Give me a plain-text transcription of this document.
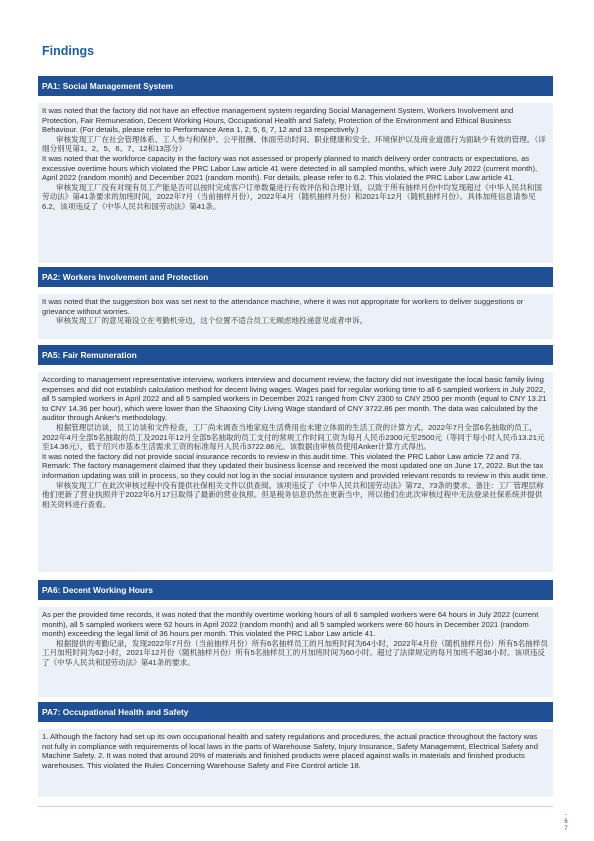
Findings
PA1: Social Management System

It was noted that the factory did not have an effective management system regarding Social Management System, Workers Involvement and Protection, Fair Remuneration, Decent Working Hours, Occupational Health and Safety, Protection of the Environment and Ethical Business Behaviour. (For details, please refer to Performance Area 1, 2, 5, 6, 7, 12 and 13 respectively.)

审核发现工厂在社会管理体系、工人参与和保护、公平报酬、体面劳动时间、职业健康和安全、环境保护以及商业道德行为面缺少有效的管理。（详细分别见第1、2、5、6、7、12和13部分）

It was noted that the workforce capacity in the factory was not assessed or properly planned to match delivery order contracts or expectations, as excessive overtime hours which violated the PRC Labor Law article 41 were detected in all sampled months, which were July 2022 (current month), April 2022 (random month) and December 2021 (random month). For details, please refer to 6.2. This violated the PRC Labor Law article 41.

审核发现工厂没有对现有员工产能是否可以按时完成客户订单数量进行有效评估和合理计划，以致于所有抽样月份中均发现超过《中华人民共和国劳动法》第41条要求的加班时间，2022年7月（当前抽样月份），2022年4月（随机抽样月份）和2021年12月（随机抽样月份）。具体加班信息请参见6.2。该项违反了《中华人民共和国劳动法》第41条。

PA2: Workers Involvement and Protection

It was noted that the suggestion box was set next to the attendance machine, where it was not appropriate for workers to deliver suggestions or grievance without worries.

审核发现工厂的意见箱设立在考勤机旁边，这个位置不适合员工无顾虑地投递意见或者申诉。

PA5: Fair Remuneration

According to management representative interview, workers interview and document review, the factory did not investigate the local basic family living expenses and did not establish calculation method for decent living wages. Wages paid for regular working time to all 6 sampled workers in July 2022, all 5 sampled workers in April 2022 and all 5 sampled workers in December 2021 ranged from CNY 2300 to CNY 2500 per month (equal to CNY 13.21 to CNY 14.36 per hour), which were lower than the Shaoxing City Living Wage standard of CNY 3722.86 per month. The data was calculated by the auditor through Anker's methodology.

根据管理层访谈，员工访谈和文件检查，工厂尚未调查当地家庭生活费用也未建立体面的生活工资的计算方式。2022年7月全部6名抽取的员工，2022年4月全部5名抽取的员工及2021年12月全部5名抽取的员工支付的常规工作时间工资为每月人民币2300元至2500元（等同于每小时人民币13.21元至14.36元），低于绍兴市基本生活需求工资的标准每月人民币3722.86元。该数据由审核员使用Anker计算方式得出。

It was noted the factory did not provide social insurance records to review in this audit time. This violated the PRC Labor Law article 72 and 73. Remark: The factory management claimed that they updated their business license and received the most updated one on June 17, 2022. But the tax information updating was still in process, so they could not log in the social insurance system and provided relevant records to review in this audit time.

审核发现工厂在此次审核过程中没有提供社保相关文件以供查阅。该项违反了《中华人民共和国劳动法》第72、73条的要求。备注：工厂管理层称他们更新了营业执照并于2022年6月17日取得了最新的营业执照。但是税务信息仍然在更新当中，所以他们在此次审核过程中无法登录社保系统并提供相关资料进行查看。

PA6: Decent Working Hours

As per the provided time records, it was noted that the monthly overtime working hours of all 6 sampled workers were 64 hours in July 2022 (current month), all 5 sampled workers were 62 hours in April 2022 (random month) and all 5 sampled workers were 60 hours in December 2021 (random month) exceeding the legal limit of 36 hours per month. This violated the PRC Labor Law article 41.

根据提供的考勤记录，发现2022年7月份（当前抽样月份）所有6名抽样员工的月加班时间为64小时，2022年4月份（随机抽样月份）所有5名抽样员工月加班时间为62小时，2021年12月份（随机抽样月份）所有5名抽样员工的月加班时间为60小时。超过了法律规定的每月加班不超36小时。该项违反了《中华人民共和国劳动法》第41条的要求。

PA7: Occupational Health and Safety

1. Although the factory had set up its own occupational health and safety regulations and procedures, the actual practice throughout the factory was not fully in compliance with requirements of local laws in the parts of Warehouse Safety, Injury Insurance, Safety Management, Electrical Safety and Machine Safety. 2. It was noted that around 20% of materials and finished products were placed against walls in materials and finished products warehouses. This violated the Rules Concerning Warehouse Safety and Fire Control article 18.

-
6
7
